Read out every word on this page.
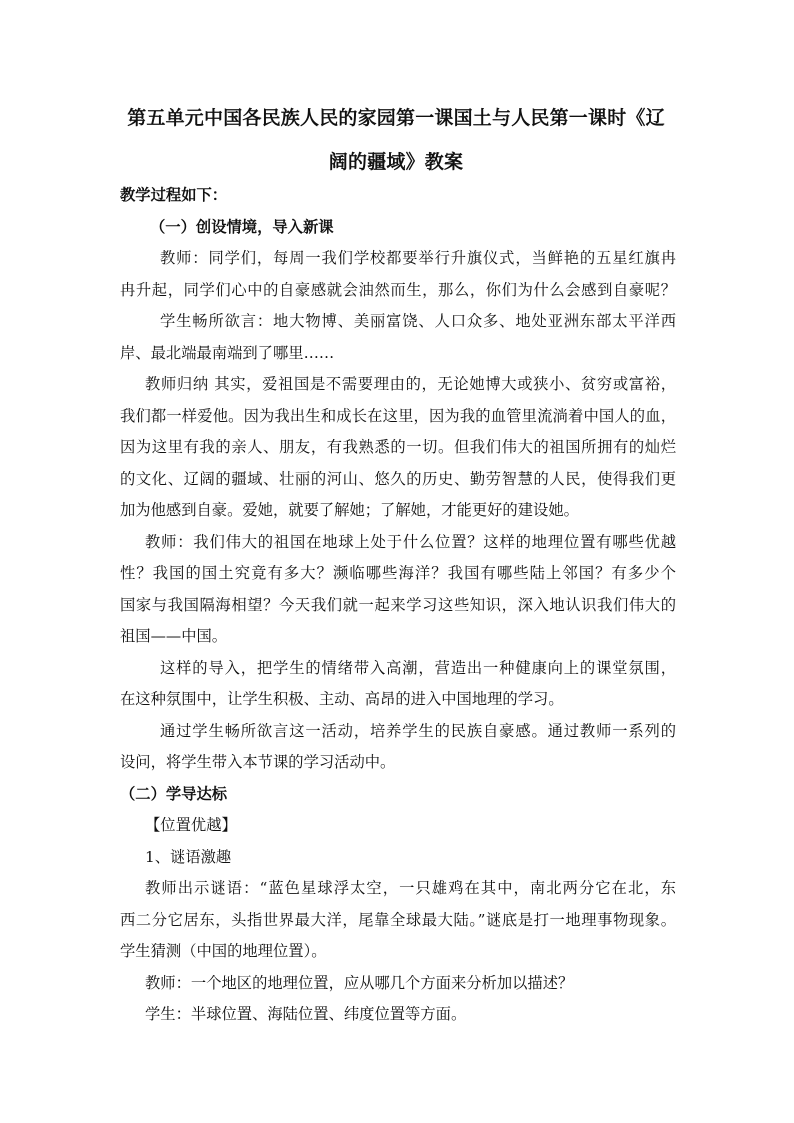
第五单元中国各民族人民的家园第一课国土与人民第一课时《辽
阔的疆域》教案
教学过程如下：
（一）创设情境，导入新课
教师：同学们，每周一我们学校都要举行升旗仪式，当鲜艳的五星红旗冉
冉升起，同学们心中的自豪感就会油然而生，那么，你们为什么会感到自豪呢？
学生畅所欲言：地大物博、美丽富饶、人口众多、地处亚洲东部太平洋西
岸、最北端最南端到了哪里……
教师归纳 其实，爱祖国是不需要理由的，无论她博大或狭小、贫穷或富裕，
我们都一样爱他。因为我出生和成长在这里，因为我的血管里流淌着中国人的血，
因为这里有我的亲人、朋友，有我熟悉的一切。但我们伟大的祖国所拥有的灿烂
的文化、辽阔的疆域、壮丽的河山、悠久的历史、勤劳智慧的人民，使得我们更
加为他感到自豪。爱她，就要了解她；了解她，才能更好的建设她。
教师：我们伟大的祖国在地球上处于什么位置？这样的地理位置有哪些优越
性？我国的国土究竟有多大？濒临哪些海洋？我国有哪些陆上邻国？有多少个
国家与我国隔海相望？今天我们就一起来学习这些知识，深入地认识我们伟大的
祖国——中国。
这样的导入，把学生的情绪带入高潮，营造出一种健康向上的课堂氛围，
在这种氛围中，让学生积极、主动、高昂的进入中国地理的学习。
通过学生畅所欲言这一活动，培养学生的民族自豪感。通过教师一系列的
设问，将学生带入本节课的学习活动中。
（二）学导达标
【位置优越】
1、谜语激趣
教师出示谜语：“蓝色星球浮太空，一只雄鸡在其中，南北两分它在北，东
西二分它居东，头指世界最大洋，尾靠全球最大陆。”谜底是打一地理事物现象。
学生猜测（中国的地理位置）。
教师：一个地区的地理位置，应从哪几个方面来分析加以描述？
学生：半球位置、海陆位置、纬度位置等方面。
